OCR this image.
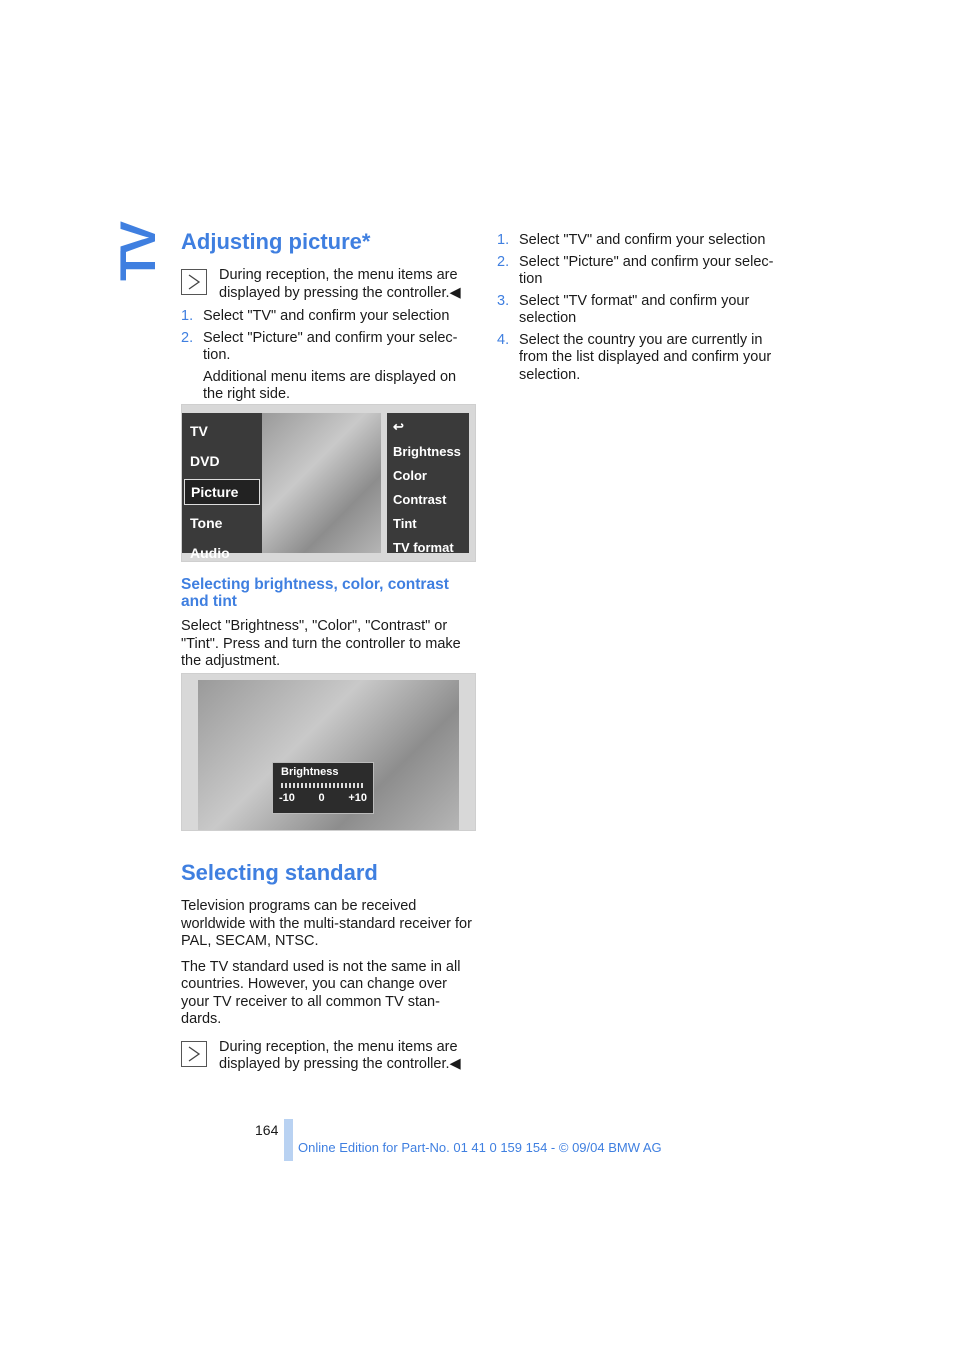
TV Adjusting picture*
During reception, the menu items are displayed by pressing the controller.◀
1. Select "TV" and confirm your selection
2. Select "Picture" and confirm your selec-tion.
Additional menu items are displayed on the right side.
TV
DVD
Picture
Tone
Audio
↩
Brightness
Color
Contrast
Tint
TV format
Selecting brightness, color, contrast and tint
Select "Brightness", "Color", "Contrast" or "Tint". Press and turn the controller to make the adjustment.
Brightness
-10 0 +10
Selecting standard
Television programs can be received worldwide with the multi-standard receiver for PAL, SECAM, NTSC.
The TV standard used is not the same in all countries. However, you can change over your TV receiver to all common TV stan-dards.
During reception, the menu items are displayed by pressing the controller.◀
1. Select "TV" and confirm your selection
2. Select "Picture" and confirm your selec-tion
3. Select "TV format" and confirm your selection
4. Select the country you are currently in from the list displayed and confirm your selection.
164
Online Edition for Part-No. 01 41 0 159 154 - © 09/04 BMW AG
